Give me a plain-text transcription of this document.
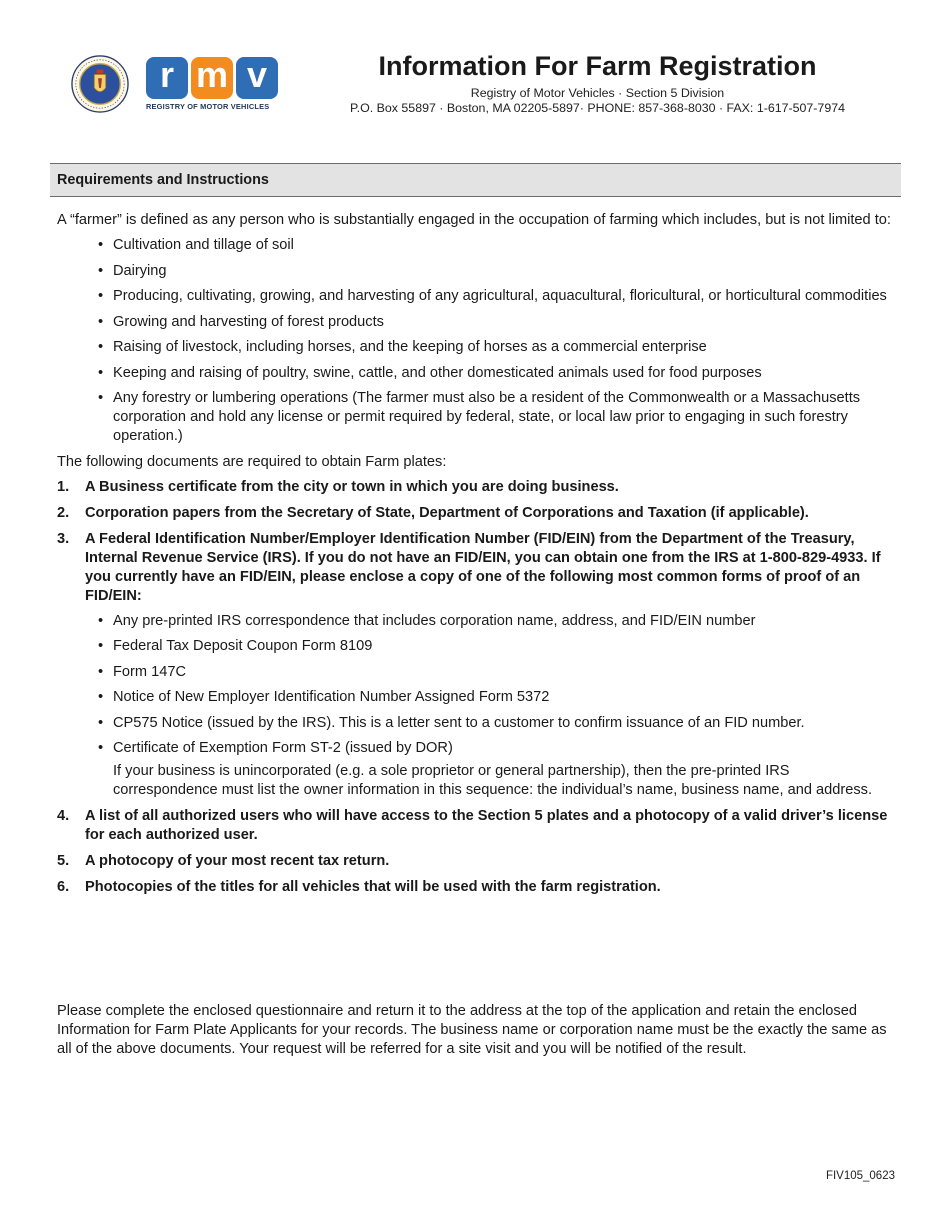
r m v
REGISTRY OF MOTOR VEHICLES
Information For Farm Registration
Registry of Motor Vehicles · Section 5 Division
P.O. Box 55897 · Boston, MA 02205-5897· PHONE: 857-368-8030 · FAX: 1-617-507-7974
Requirements and Instructions

A “farmer” is defined as any person who is substantially engaged in the occupation of farming which includes, but is not limited to:

• Cultivation and tillage of soil
• Dairying
• Producing, cultivating, growing, and harvesting of any agricultural, aquacultural, floricultural, or horticultural commodities
• Growing and harvesting of forest products
• Raising of livestock, including horses, and the keeping of horses as a commercial enterprise
• Keeping and raising of poultry, swine, cattle, and other domesticated animals used for food purposes
• Any forestry or lumbering operations (The farmer must also be a resident of the Commonwealth or a Massachusetts corporation and hold any license or permit required by federal, state, or local law prior to engaging in such forestry operation.)

The following documents are required to obtain Farm plates:

1. A Business certificate from the city or town in which you are doing business.
2. Corporation papers from the Secretary of State, Department of Corporations and Taxation (if applicable).
3. A Federal Identification Number/Employer Identification Number (FID/EIN) from the Department of the Treasury, Internal Revenue Service (IRS). If you do not have an FID/EIN, you can obtain one from the IRS at 1-800-829-4933. If you currently have an FID/EIN, please enclose a copy of one of the following most common forms of proof of an FID/EIN:
• Any pre-printed IRS correspondence that includes corporation name, address, and FID/EIN number
• Federal Tax Deposit Coupon Form 8109
• Form 147C
• Notice of New Employer Identification Number Assigned Form 5372
• CP575 Notice (issued by the IRS). This is a letter sent to a customer to confirm issuance of an FID number.
• Certificate of Exemption Form ST-2 (issued by DOR)
If your business is unincorporated (e.g. a sole proprietor or general partnership), then the pre-printed IRS correspondence must list the owner information in this sequence: the individual’s name, business name, and address.
4. A list of all authorized users who will have access to the Section 5 plates and a photocopy of a valid driver’s license for each authorized user.
5. A photocopy of your most recent tax return.
6. Photocopies of the titles for all vehicles that will be used with the farm registration.

Please complete the enclosed questionnaire and return it to the address at the top of the application and retain the enclosed Information for Farm Plate Applicants for your records. The business name or corporation name must be the exactly the same as all of the above documents. Your request will be referred for a site visit and you will be notified of the result.

FIV105_0623
